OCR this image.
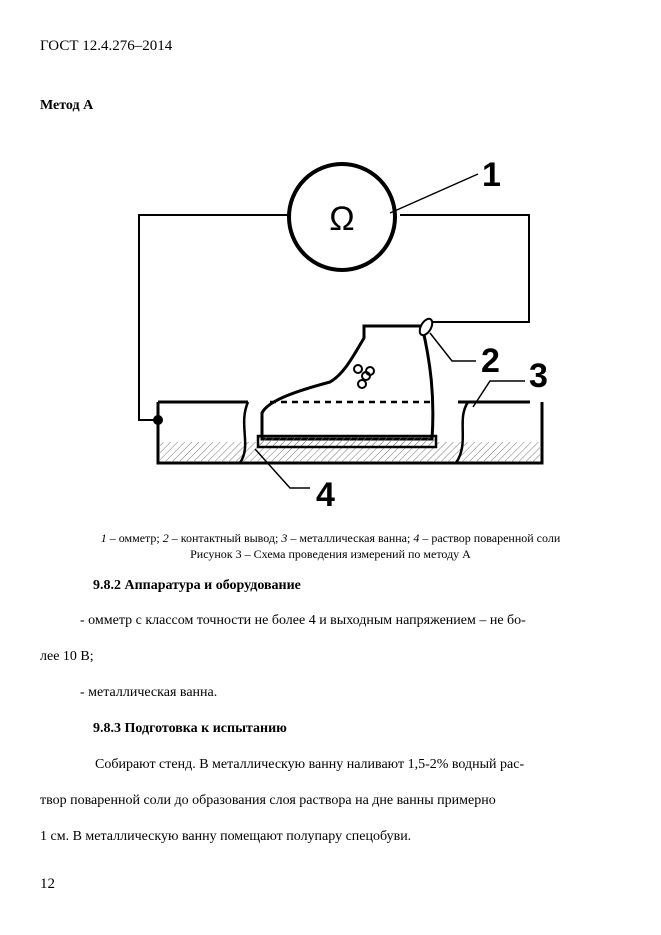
ГОСТ 12.4.276–2014
Метод А
Ω
1
2 3
4
1 – омметр; 2 – контактный вывод; 3 – металлическая ванна; 4 – раствор поваренной соли
Рисунок 3 – Схема проведения измерений по методу А
9.8.2 Аппаратура и оборудование
- омметр с классом точности не более 4 и выходным напряжением – не бо-
лее 10 В;
- металлическая ванна.
9.8.3 Подготовка к испытанию
Собирают стенд. В металлическую ванну наливают 1,5-2% водный рас-
твор поваренной соли до образования слоя раствора на дне ванны примерно
1 см. В металлическую ванну помещают полупару спецобуви.
12
